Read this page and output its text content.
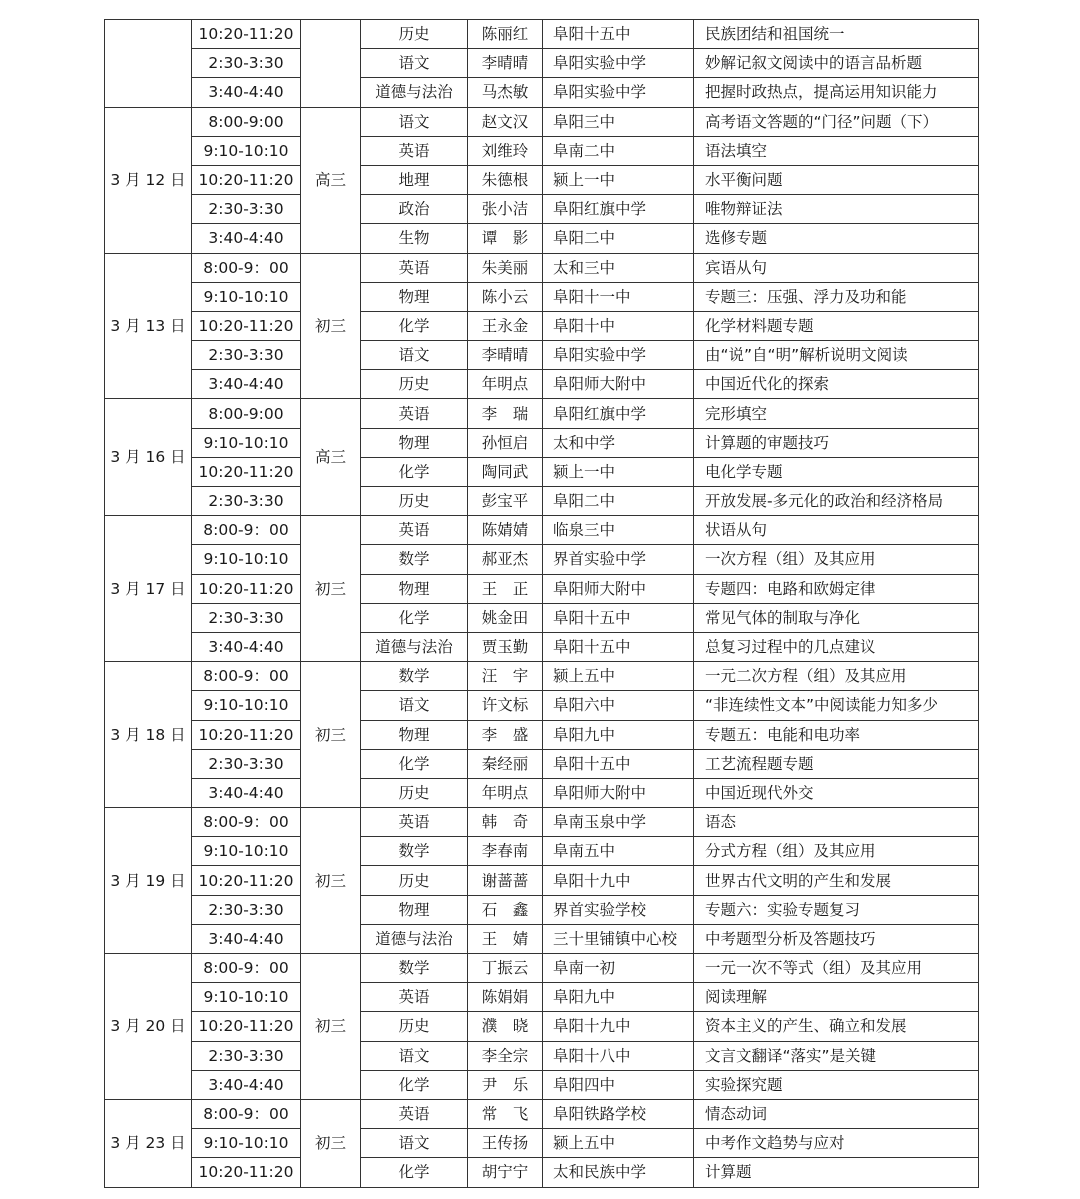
	10:20-11:20		历史	陈丽红	阜阳十五中	民族团结和祖国统一
	2:30-3:30		语文	李晴晴	阜阳实验中学	妙解记叙文阅读中的语言品析题
	3:40-4:40		道德与法治	马杰敏	阜阳实验中学	把握时政热点，提高运用知识能力
3 月 12 日	8:00-9:00	高三	语文	赵文汉	阜阳三中	高考语文答题的“门径”问题（下）
	9:10-10:10		英语	刘维玲	阜南二中	语法填空
	10:20-11:20		地理	朱德根	颍上一中	水平衡问题
	2:30-3:30		政治	张小洁	阜阳红旗中学	唯物辩证法
	3:40-4:40		生物	谭　影	阜阳二中	选修专题
3 月 13 日	8:00-9：00	初三	英语	朱美丽	太和三中	宾语从句
	9:10-10:10		物理	陈小云	阜阳十一中	专题三：压强、浮力及功和能
	10:20-11:20		化学	王永金	阜阳十中	化学材料题专题
	2:30-3:30		语文	李晴晴	阜阳实验中学	由“说”自“明”解析说明文阅读
	3:40-4:40		历史	年明点	阜阳师大附中	中国近代化的探索
3 月 16 日	8:00-9:00	高三	英语	李　瑞	阜阳红旗中学	完形填空
	9:10-10:10		物理	孙恒启	太和中学	计算题的审题技巧
	10:20-11:20		化学	陶同武	颍上一中	电化学专题
	2:30-3:30		历史	彭宝平	阜阳二中	开放发展-多元化的政治和经济格局
3 月 17 日	8:00-9：00	初三	英语	陈婧婧	临泉三中	状语从句
	9:10-10:10		数学	郝亚杰	界首实验中学	一次方程（组）及其应用
	10:20-11:20		物理	王　正	阜阳师大附中	专题四：电路和欧姆定律
	2:30-3:30		化学	姚金田	阜阳十五中	常见气体的制取与净化
	3:40-4:40		道德与法治	贾玉勤	阜阳十五中	总复习过程中的几点建议
3 月 18 日	8:00-9：00	初三	数学	汪　宇	颍上五中	一元二次方程（组）及其应用
	9:10-10:10		语文	许文标	阜阳六中	“非连续性文本”中阅读能力知多少
	10:20-11:20		物理	李　盛	阜阳九中	专题五：电能和电功率
	2:30-3:30		化学	秦经丽	阜阳十五中	工艺流程题专题
	3:40-4:40		历史	年明点	阜阳师大附中	中国近现代外交
3 月 19 日	8:00-9：00	初三	英语	韩　奇	阜南玉泉中学	语态
	9:10-10:10		数学	李春南	阜南五中	分式方程（组）及其应用
	10:20-11:20		历史	谢蔷蔷	阜阳十九中	世界古代文明的产生和发展
	2:30-3:30		物理	石　鑫	界首实验学校	专题六：实验专题复习
	3:40-4:40		道德与法治	王　婧	三十里铺镇中心校	中考题型分析及答题技巧
3 月 20 日	8:00-9：00	初三	数学	丁振云	阜南一初	一元一次不等式（组）及其应用
	9:10-10:10		英语	陈娟娟	阜阳九中	阅读理解
	10:20-11:20		历史	濮　晓	阜阳十九中	资本主义的产生、确立和发展
	2:30-3:30		语文	李全宗	阜阳十八中	文言文翻译“落实”是关键
	3:40-4:40		化学	尹　乐	阜阳四中	实验探究题
3 月 23 日	8:00-9：00	初三	英语	常　飞	阜阳铁路学校	情态动词
	9:10-10:10		语文	王传扬	颍上五中	中考作文趋势与应对
	10:20-11:20		化学	胡宁宁	太和民族中学	计算题
